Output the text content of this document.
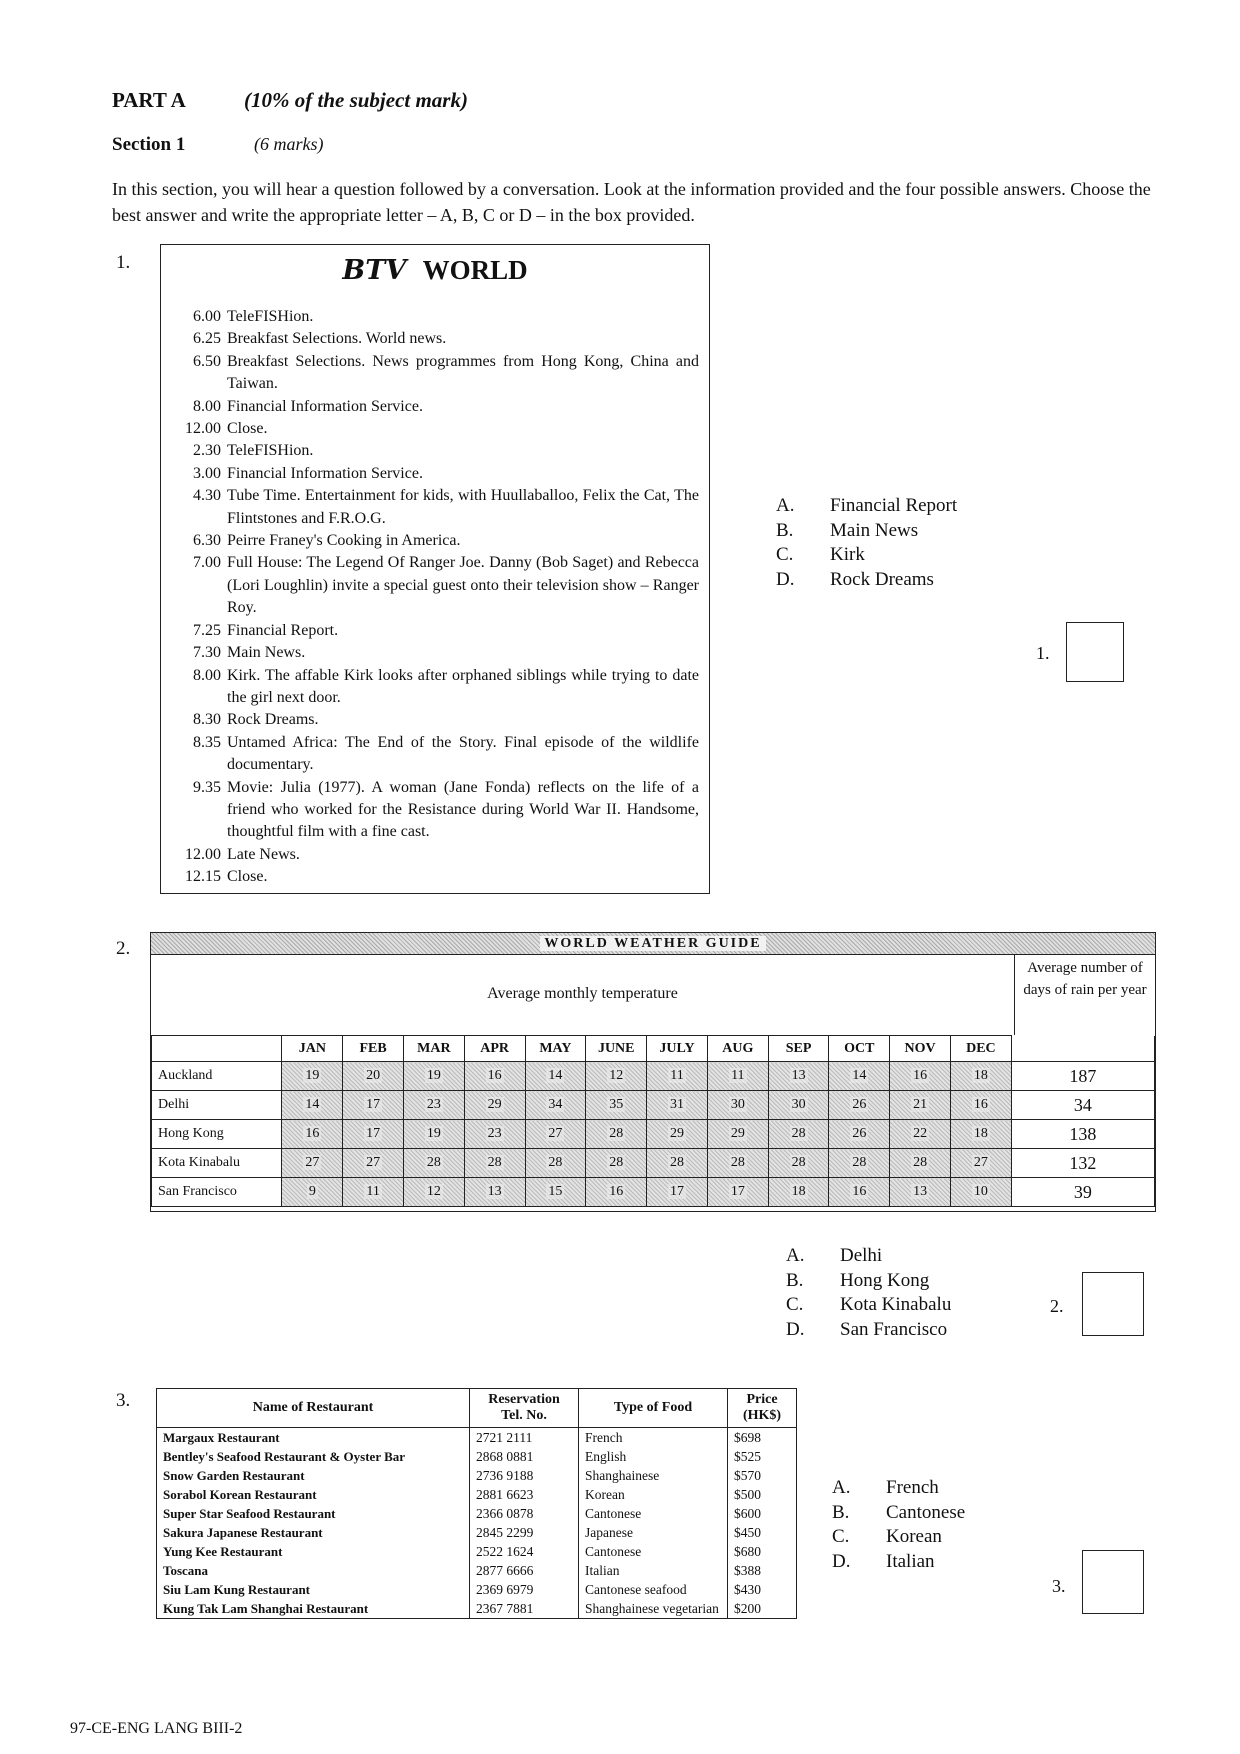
PART A	(10% of the subject mark)
Section 1	(6 marks)
In this section, you will hear a question followed by a conversation. Look at the information provided and the four possible answers. Choose the best answer and write the appropriate letter – A, B, C or D – in the box provided.
1.	BTV WORLD
6.00 TeleFISHion.
6.25 Breakfast Selections. World news.
6.50 Breakfast Selections. News programmes from Hong Kong, China and Taiwan.
8.00 Financial Information Service.
12.00 Close.
2.30 TeleFISHion.
3.00 Financial Information Service.
4.30 Tube Time. Entertainment for kids, with Huullaballoo, Felix the Cat, The Flintstones and F.R.O.G.
6.30 Peirre Franey's Cooking in America.
7.00 Full House: The Legend Of Ranger Joe. Danny (Bob Saget) and Rebecca (Lori Loughlin) invite a special guest onto their television show – Ranger Roy.
7.25 Financial Report.
7.30 Main News.
8.00 Kirk. The affable Kirk looks after orphaned siblings while trying to date the girl next door.
8.30 Rock Dreams.
8.35 Untamed Africa: The End of the Story. Final episode of the wildlife documentary.
9.35 Movie: Julia (1977). A woman (Jane Fonda) reflects on the life of a friend who worked for the Resistance during World War II. Handsome, thoughtful film with a fine cast.
12.00 Late News.
12.15 Close.
A.	Financial Report
B.	Main News
C.	Kirk
D.	Rock Dreams
1.
2.	WORLD WEATHER GUIDE
Average monthly temperature
Average number of days of rain per year
	JAN	FEB	MAR	APR	MAY	JUNE	JULY	AUG	SEP	OCT	NOV	DEC	
Auckland	19	20	19	16	14	12	11	11	13	14	16	18	187
Delhi	14	17	23	29	34	35	31	30	30	26	21	16	34
Hong Kong	16	17	19	23	27	28	29	29	28	26	22	18	138
Kota Kinabalu	27	27	28	28	28	28	28	28	28	28	28	27	132
San Francisco	9	11	12	13	15	16	17	17	18	16	13	10	39
A.	Delhi
B.	Hong Kong
C.	Kota Kinabalu
D.	San Francisco
2.
3.	Name of Restaurant	Reservation Tel. No.	Type of Food	Price (HK$)
Margaux Restaurant	2721 2111	French	$698
Bentley's Seafood Restaurant & Oyster Bar	2868 0881	English	$525
Snow Garden Restaurant	2736 9188	Shanghainese	$570
Sorabol Korean Restaurant	2881 6623	Korean	$500
Super Star Seafood Restaurant	2366 0878	Cantonese	$600
Sakura Japanese Restaurant	2845 2299	Japanese	$450
Yung Kee Restaurant	2522 1624	Cantonese	$680
Toscana	2877 6666	Italian	$388
Siu Lam Kung Restaurant	2369 6979	Cantonese seafood	$430
Kung Tak Lam Shanghai Restaurant	2367 7881	Shanghainese vegetarian	$200
A.	French
B.	Cantonese
C.	Korean
D.	Italian
3.
97-CE-ENG LANG BIII-2
